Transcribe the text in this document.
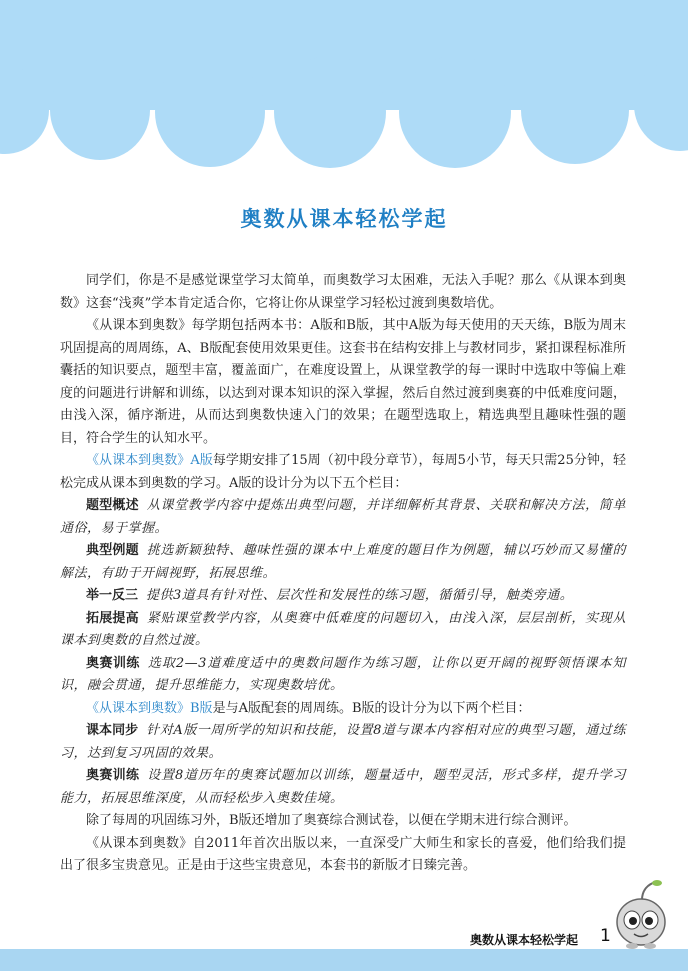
奥数从课本轻松学起

同学们，你是不是感觉课堂学习太简单，而奥数学习太困难，无法入手呢？那么《从课本到奥数》这套“浅爽”学本肯定适合你，它将让你从课堂学习轻松过渡到奥数培优。

《从课本到奥数》每学期包括两本书：A版和B版，其中A版为每天使用的天天练，B版为周末巩固提高的周周练，A、B版配套使用效果更佳。这套书在结构安排上与教材同步，紧扣课程标准所囊括的知识要点，题型丰富，覆盖面广，在难度设置上，从课堂教学的每一课时中选取中等偏上难度的问题进行讲解和训练，以达到对课本知识的深入掌握，然后自然过渡到奥赛的中低难度问题，由浅入深，循序渐进，从而达到奥数快速入门的效果；在题型选取上，精选典型且趣味性强的题目，符合学生的认知水平。

《从课本到奥数》A版每学期安排了15周（初中段分章节），每周5小节，每天只需25分钟，轻松完成从课本到奥数的学习。A版的设计分为以下五个栏目：

题型概述 从课堂教学内容中提炼出典型问题，并详细解析其背景、关联和解决方法，简单通俗，易于掌握。

典型例题 挑选新颖独特、趣味性强的课本中上难度的题目作为例题，辅以巧妙而又易懂的解法，有助于开阔视野，拓展思维。

举一反三 提供3道具有针对性、层次性和发展性的练习题，循循引导，触类旁通。

拓展提高 紧贴课堂教学内容，从奥赛中低难度的问题切入，由浅入深，层层剖析，实现从课本到奥数的自然过渡。

奥赛训练 选取2—3道难度适中的奥数问题作为练习题，让你以更开阔的视野领悟课本知识，融会贯通，提升思维能力，实现奥数培优。

《从课本到奥数》B版是与A版配套的周周练。B版的设计分为以下两个栏目：

课本同步 针对A版一周所学的知识和技能，设置8道与课本内容相对应的典型习题，通过练习，达到复习巩固的效果。

奥赛训练 设置8道历年的奥赛试题加以训练，题量适中，题型灵活，形式多样，提升学习能力，拓展思维深度，从而轻松步入奥数佳境。

除了每周的巩固练习外，B版还增加了奥赛综合测试卷，以便在学期末进行综合测评。

《从课本到奥数》自2011年首次出版以来，一直深受广大师生和家长的喜爱，他们给我们提出了很多宝贵意见。正是由于这些宝贵意见，本套书的新版才日臻完善。

奥数从课本轻松学起 1
